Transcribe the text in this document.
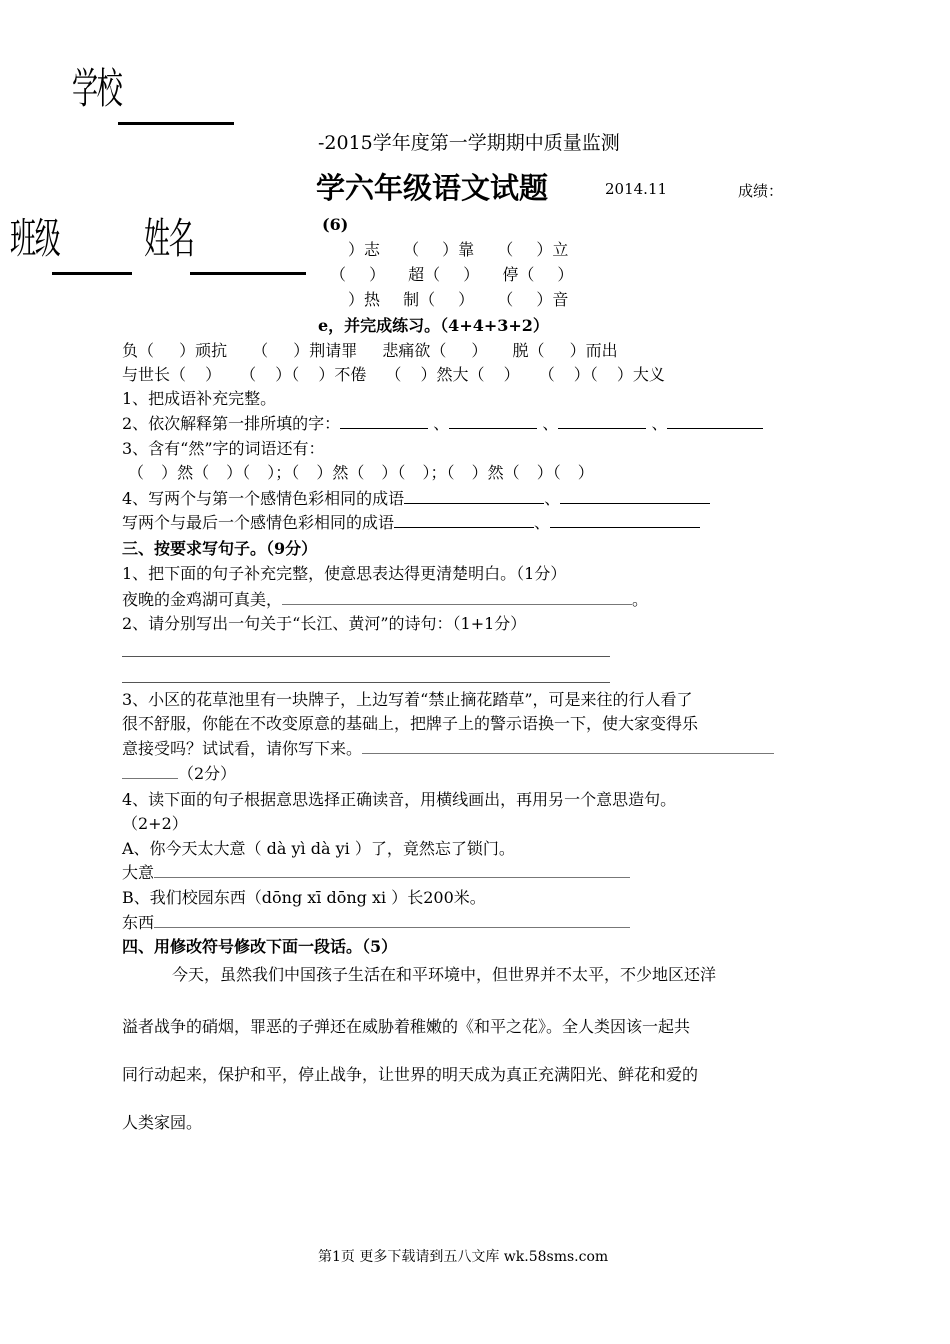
学校
班级 姓名
-2015学年度第一学期期中质量监测
学六年级语文试题	2014.11	成绩：
(6)
）志 （ ）靠 （ ）立
（ ） 超（ ） 停（ ）
）热 制（ ） （ ）音
e，并完成练习。（4+4+3+2）
负（ ）顽抗 （ ）荆请罪 悲痛欲（ ） 脱（ ）而出
与世长（ ） （ ）（ ）不倦 （ ）然大（ ） （ ）（ ）大义
1、把成语补充完整。
2、依次解释第一排所填的字：	、	、	、
3、含有“然”字的词语还有：
（ ）然（ ）（ ）；（ ）然（ ）（ ）；（ ）然（ ）（ ）
4、写两个与第一个感情色彩相同的成语	、
写两个与最后一个感情色彩相同的成语	、
三、按要求写句子。（9分）
1、把下面的句子补充完整，使意思表达得更清楚明白。（1分）
夜晚的金鸡湖可真美，	。
2、请分别写出一句关于“长江、黄河”的诗句：（1+1分）
3、小区的花草池里有一块牌子，上边写着“禁止摘花踏草”，可是来往的行人看了
很不舒服，你能在不改变原意的基础上，把牌子上的警示语换一下，使大家变得乐
意接受吗？试试看，请你写下来。
（2分）
4、读下面的句子根据意思选择正确读音，用横线画出，再用另一个意思造句。
（2+2）
A、你今天太大意（ dà yì dà yi ）了，竟然忘了锁门。
大意
B、我们校园东西（dōng xī dōng xi ）长200米。
东西
四、用修改符号修改下面一段话。（5）
今天，虽然我们中国孩子生活在和平环境中，但世界并不太平，不少地区还洋
溢者战争的硝烟，罪恶的子弹还在威胁着稚嫩的《和平之花》。全人类因该一起共
同行动起来，保护和平，停止战争，让世界的明天成为真正充满阳光、鲜花和爱的
人类家园。
第1页 更多下载请到五八文库 wk.58sms.com
